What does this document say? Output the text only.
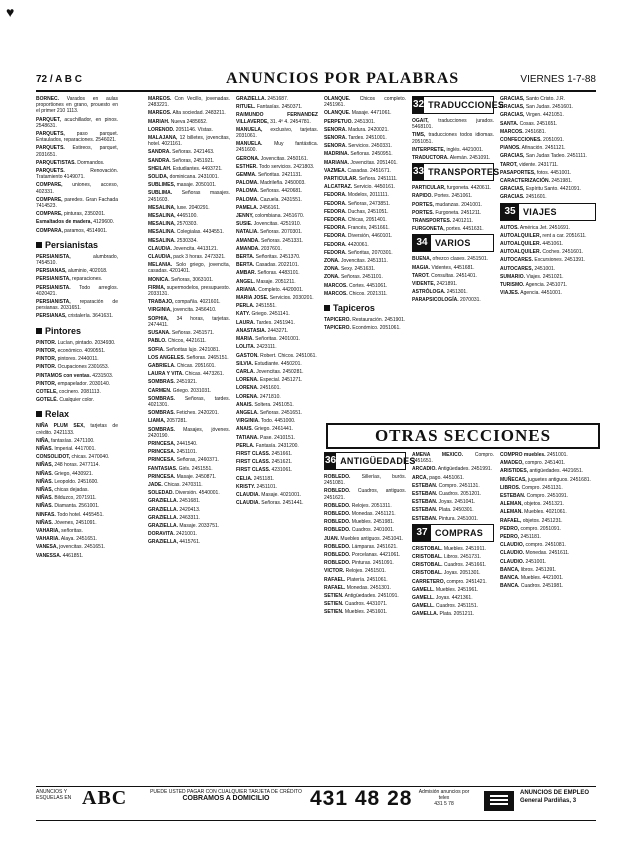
♥
72 / A B C	ANUNCIOS POR PALABRAS	VIERNES 1-7-88
BORNEC. Varados en aulas proportiones en grano, prouesto en el primer 210 1113.
PARQUET, acuchillador, en pinos. 2548631.
PARQUETS, paso parquet. Entaulados, reparaciones. 2546021.
PARQUETS. Estireos, parquet, 2031651.
PARQUETISTAS. Dormandos.
PARQUETS. Renovación. Tratamiento 4149071.
COMPARE, uniones, acceso, 402331.
COMPARE, paredes. Gran Fachada 7414523.
COMPARE, pinturas, 2350201.
Esmaltados de madera, 4129600.
COMPARA, paramos, 4514901.
Persianistas
PERSIANISTA, alumbrado, 7454510.
PERSIANAS, aluminio, 402018.
PERSIANISTA, reparaciones.
PERSIANISTA. Todo arreglos. 4020421.
PERSIANISTA, reparación de persianas. 2031651.
PERSIANAS, cristalería. 3641631.
Pintores
PINTOR. Lucían, pintado. 2034930.
PINTOR, económico. 4090551.
PINTOR, pintores. 2440011.
PINTOR. Ocupaciones 2301653.
PINTAMOS con ventas. 4231503.
PINTOR, empapelador. 2030140.
COTELE, cocinero. 2081113.
GOTELÉ. Cualquier color.
Relax
NIÑA PLUM SEX, tarjetas de crédito. 2421133.
NIÑA, fantasías. 2471100.
NIÑAS. Imperial. 4417001.
CONSOLIDOT, chicas. 2470040.
NIÑAS, 248 horas. 2477114.
NIÑAS. Griego, 4430921.
NIÑAS. Leopoldo. 2451600.
NIÑAS, chicas dejadas.
NIÑAS. Bilduzco, 2071911.
NIÑAS. Diamanta. 2561001.
NINFAS. Todo hotel. 4455451.
NIÑAS. Jóvenes, 2451091.
VAHARIA, señoritas.
VAHARIA. Alaya. 2451651.
VANESA, jovencitas. 2451651.
VANESSA. 4461851.
MAREOS. Con Vecillo, jovenadas. 2483221.
MAREOS. Alta sociedad. 2483211.
MARIAH. Nueva 2485652.
LORENOD. 2051146. Vístas.
MALAJANA, 12 billetes, jovencitas, hotel. 4021161.
SANDRA. Señoras. 2421463.
SANDRA. Señoras, 2451921.
SHEILAH. Estudiantes. 4493721.
SOLIDA, dominicana. 2431001.
SUBLIMES, masaje. 2050101.
SUBLIMA. Señoras masajes. 2451603.
MESALINA, luxe. 2040291.
MESALINA, 4465100.
MESALINA, 2570303.
MESALINA. Colegialas. 4434551.
MESALINA. 2530334.
CLAUDIA. Jovencita. 4413121.
CLAUDIA, pack 3 horas. 2473321.
MELANIA. Solo griego, jovencita, casadas. 4201401.
MONICA. Señoras, 3063101.
FIRMA, supermodelos, presupuesto. 2033131.
TRABAJO, compañía. 4021601.
VIRGINIA, jovencita. 2456410.
SOPHIA, 34 horas, tarjetas. 2474411.
SUSANA. Señoras. 2451571.
PABLO. Chicos, 4421611.
SOFIA. Señoritas lujo. 2421081.
LOS ANGELES. Señoras. 2465151.
GABRIELA. Chicas. 2051601.
LAURA Y VITA. Chicas. 4473261.
SOMBRAS. 2451921.
CARMEN. Griego. 2031031.
SOMBRAS. Señoras, tardes. 4021301.
SOMBRAS. Fetiches. 2420201.
LIAMA, 2057281.
SOMBRAS. Masajes, jóvenes. 2420190.
PRINCESA, 2441540.
PRINCESA. 2451101.
PRINCESA. Señoras, 2460371.
FANTASIAS. Girls. 2451551.
PRINCESA. Masaje. 2450871.
JADE. Chicas. 2470311.
SOLEDAD. Diversión. 4540001.
GRAZIELLA. 2451681.
GRAZIELLA. 2420413.
GRAZIELLA. 2463311.
GRAZIELLA. Masaje. 2033751.
DORAVITA. 2421001.
GRAZIELLA, 4415761.
GRAZIELLA. 2451687.
RITUEL. Fantasías. 2450371.
RAIMUNDO FERNANDEZ VILLAVERDE, 31. 4º 4. 2454781.
MANUELA, exclusivo, tarjetas. 2031061.
MANUELA. Muy fantástica. 2451600.
GERONA. Jovencitas. 2450161.
ESTHER. Todo servicios. 2421803.
GEMMA. Señoritas. 2421131.
PALOMA. Madrileña. 2450003.
PALOMA. Señoras. 4420681.
PALOMA. Cazuela. 2431551.
PAMELA. 2456161.
JENNY, colombiana. 2451670.
SUSIE. Jovencitas. 4251910.
NATALIA. Señoras. 2070301.
AMANDA. Señoras. 2451331.
AMANDA. 2037601.
BERTA. Señoritas. 2451370.
BERTA. Casadas. 2022101.
AMBAR. Señoras. 4483101.
ANGEL. Masaje. 2051211.
ARIANA. Completo. 4420001.
MARIA JOSE. Servicios. 2030201.
PERLA. 2451551.
KATY. Griego. 2451141.
LAURA. Tardes. 2451941.
ANASTASIA. 2443271.
MARIA. Señoritas. 2401001.
LOLITA. 2423111.
GASTON. Robert. Chicos. 2451061.
SILVIA. Estudiante. 4450201.
CARLA. Jovencitas. 2450281.
LORENA. Especial. 2451271.
LORENA. 2451601.
LORENA. 2471810.
ANAIS. Soltera. 2451051.
ANGELA. Señoras. 2451651.
VIRGINIA. Todo. 4451000.
ANAIS. Griego. 2461441.
TATIANA. Pase. 2410151.
PERLA. Fantasía. 2431200.
FIRST CLASS. 2451661.
FIRST CLASS. 2451621.
FIRST CLASS. 4231061.
CELIA. 2451181.
KRISTY. 2451101.
CLAUDIA. Masaje. 4021001.
CLAUDIA. Señoras. 2451441.
OLANQUE. Chicos completo. 2451961.
OLANQUE. Masaje. 4471061.
PERPETUO. 2451301.
SENORA. Madura. 2420021.
SENORA. Tardes. 2451001.
SENORA. Servicios. 2450331.
MADRINA. Señoras. 2450951.
MARIANA. Jovencitas. 2051401.
VAZMEA. Casadas. 2451671.
PARTICULAR. Señora. 2451111.
ALCATRAZ. Servicio. 4450161.
FEDORA. Modelos, 2011111.
FEDORA. Señoras, 2473851.
FEDORA. Duchas, 2451051.
FEDORA. Chicas, 2051401.
FEDORA. Francés, 2451661.
FEDORA. Diversión, 4460101.
FEDORA. 4420061.
FEDORA. Señoritas, 2070301.
ZONA. Jovencitas. 2451311.
ZONA. Sexy. 2451631.
ZONA. Señoras. 2451101.
MARCOS. Cortes. 4451061.
MARCOS. Chicos. 2021311.
Tapiceros
TAPICERO. Restauración. 2451901.
TAPICERO. Económico. 2051061.
32 TRADUCCIONES
OGAIT, traducciones jurados. 5468101.
TIMS, traducciones todos idiomas. 2051051.
INTERPRETE, inglés. 4421001.
TRADUCTORA. Alemán. 2451091.
33 TRANSPORTES
PARTICULAR, furgoneta. 4420611.
RAPIDO. Portes. 2451061.
PORTES, mudanzas. 2041001.
PORTES. Furgoneta. 2451211.
TRANSPORTES. 2401211.
FURGONETA, portes. 4451631.
34 VARIOS
BUENA, ofrezco clases. 2451501.
MAGIA. Videntes, 4451681.
TAROT. Consultas. 2451401.
VIDENTE, 2421891.
ASTRÓLOGA. 2451301.
PARAPSICOLOGÍA. 2070031.
GRACIAS, Santo Cristo. J.R.
GRACIAS, San Judas. 2451601.
GRACIAS, Virgen. 4421051.
SANTA. Cosas. 2451651.
MARCOS. 2451681.
CONFECCIONES. 2051091.
PIANOS. Afinación. 2451121.
GRACIAS, San Judas Tadeo. 2451111.
TAROT, vidente. 2431711.
PASAPORTES, fotos. 4451001.
CARACTERIZACIÓN. 2451981.
GRACIAS, Espíritu Santo. 4421091.
GRACIAS. 2451601.
35 VIAJES
AUTOS. América Jet. 2451691.
AUTOALQUILER, rent a car. 2051611.
AUTOALQUILER. 4451061.
AUTOALQUILER. Coches. 2451601.
AUTOCARES. Excursiones. 2451391.
AUTOCARES, 2451001.
SUMARIO. Viajes. 2451021.
TURISMO. Agencia. 2451071.
VIAJES. Agencia. 4451001.
OTRAS SECCIONES
36 ANTIGÜEDADES
ROBLEDO. Sillerías, burós. 2451081.
ROBLEDO. Cuadros, antiguos. 2451621.
ROBLEDO. Relojes. 2051311.
ROBLEDO. Monedas. 2451121.
ROBLEDO. Muebles. 2451981.
ROBLEDO. Cuadros. 2401001.
JUAN. Muebles antiguos. 2451041.
ROBLEDO. Lámparas. 2451621.
ROBLEDO. Porcelanas. 4421061.
ROBLEDO. Pinturas. 2451091.
VICTOR. Relojes. 2451501.
RAFAEL. Platería. 2451061.
RAFAEL. Monedas. 2451301.
SETIEN. Antigüedades. 2451091.
SETIEN. Cuadros. 4431071.
SETIEN. Muebles. 2451601.
AMENA MEXICO. Compro. 2451651.
ARCADIO. Antigüedades. 2451991.
ARCA, pago. 4451061.
ESTEBAN. Compro. 2451131.
ESTEBAN. Cuadros. 2051201.
ESTEBAN. Joyas. 2451041.
ESTEBAN. Plata. 2450301.
ESTEBAN. Pintura. 2451001.
37 COMPRAS
CRISTOBAL. Muebles. 2451911.
CRISTOBAL. Libros. 2451731.
CRISTOBAL. Cuadros. 2451661.
CRISTOBAL. Joyas. 2051301.
CARRETERO, compro. 2451421.
GAMELL. Muebles. 2451961.
GAMELL. Joyas. 4421361.
GAMELL. Cuadros. 2451151.
GAMELLA. Plata. 2051211.
COMPRO muebles. 2451001.
AMADEO, compro. 2451401.
ARISTIDES, antigüedades. 4421651.
MUÑECAS, juguetes antiguos. 2451681.
LIBROS. Compro. 2451131.
ESTEBAN. Compro. 2451091.
ALEMAN, objetos. 2451321.
ALEMAN. Muebles. 4021061.
RAFAEL, objetos. 2451231.
PEDRO, compro. 2051091.
PEDRO, 2451181.
CLAUDIO, compro. 2451081.
CLAUDIO. Monedas. 2451611.
CLAUDIO. 2451001.
BANCA, libros. 2451391.
BANCA. Muebles. 4421001.
BANCA. Cuadros. 2451981.
ANUNCIOS Y ESQUELAS EN ABC	PUEDE USTED PAGAR CON CUALQUIER TARJETA DE CRÉDITO
COBRAMOS A DOMICILIO	431 48 28	Admisión anuncios por telex
431 5 78
ANUNCIOS DE EMPLEO
General Pardiñas, 3
